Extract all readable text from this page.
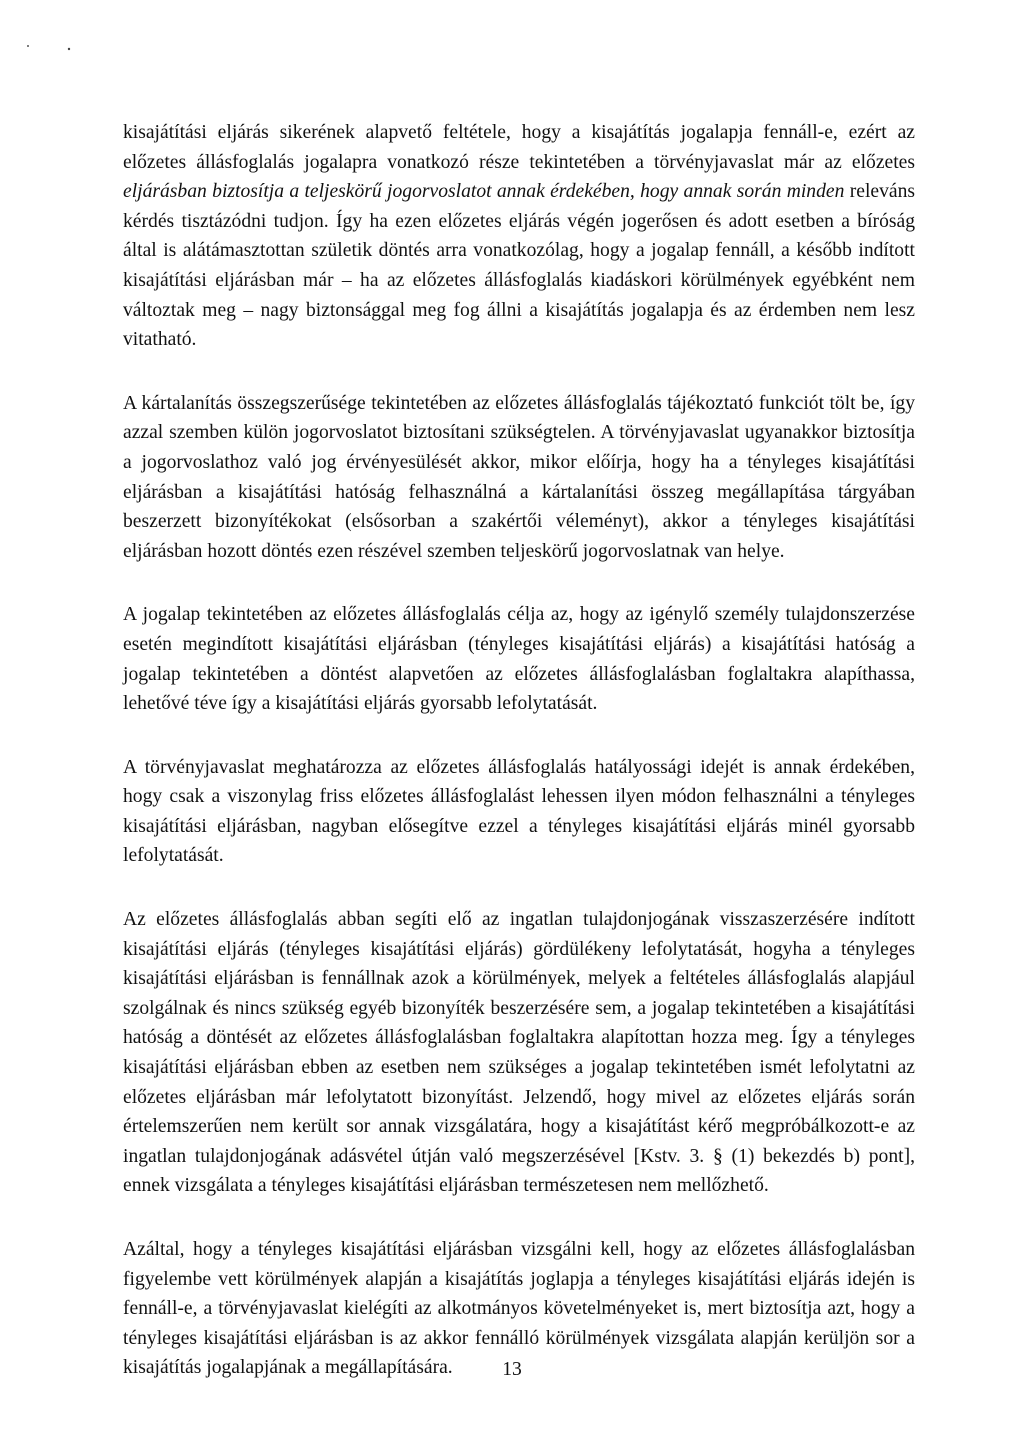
kisajátítási eljárás sikerének alapvető feltétele, hogy a kisajátítás jogalapja fennáll-e, ezért az előzetes állásfoglalás jogalapra vonatkozó része tekintetében a törvényjavaslat már az előzetes eljárásban biztosítja a teljeskörű jogorvoslatot annak érdekében, hogy annak során minden releváns kérdés tisztázódni tudjon. Így ha ezen előzetes eljárás végén jogerősen és adott esetben a bíróság által is alátámasztottan születik döntés arra vonatkozólag, hogy a jogalap fennáll, a később indított kisajátítási eljárásban már – ha az előzetes állásfoglalás kiadáskori körülmények egyébként nem változtak meg – nagy biztonsággal meg fog állni a kisajátítás jogalapja és az érdemben nem lesz vitatható.

A kártalanítás összegszerűsége tekintetében az előzetes állásfoglalás tájékoztató funkciót tölt be, így azzal szemben külön jogorvoslatot biztosítani szükségtelen. A törvényjavaslat ugyanakkor biztosítja a jogorvoslathoz való jog érvényesülését akkor, mikor előírja, hogy ha a tényleges kisajátítási eljárásban a kisajátítási hatóság felhasználná a kártalanítási összeg megállapítása tárgyában beszerzett bizonyítékokat (elsősorban a szakértői véleményt), akkor a tényleges kisajátítási eljárásban hozott döntés ezen részével szemben teljeskörű jogorvoslatnak van helye.

A jogalap tekintetében az előzetes állásfoglalás célja az, hogy az igénylő személy tulajdonszerzése esetén megindított kisajátítási eljárásban (tényleges kisajátítási eljárás) a kisajátítási hatóság a jogalap tekintetében a döntést alapvetően az előzetes állásfoglalásban foglaltakra alapíthassa, lehetővé téve így a kisajátítási eljárás gyorsabb lefolytatását.

A törvényjavaslat meghatározza az előzetes állásfoglalás hatályossági idejét is annak érdekében, hogy csak a viszonylag friss előzetes állásfoglalást lehessen ilyen módon felhasználni a tényleges kisajátítási eljárásban, nagyban elősegítve ezzel a tényleges kisajátítási eljárás minél gyorsabb lefolytatását.

Az előzetes állásfoglalás abban segíti elő az ingatlan tulajdonjogának visszaszerzésére indított kisajátítási eljárás (tényleges kisajátítási eljárás) gördülékeny lefolytatását, hogyha a tényleges kisajátítási eljárásban is fennállnak azok a körülmények, melyek a feltételes állásfoglalás alapjául szolgálnak és nincs szükség egyéb bizonyíték beszerzésére sem, a jogalap tekintetében a kisajátítási hatóság a döntését az előzetes állásfoglalásban foglaltakra alapítottan hozza meg. Így a tényleges kisajátítási eljárásban ebben az esetben nem szükséges a jogalap tekintetében ismét lefolytatni az előzetes eljárásban már lefolytatott bizonyítást. Jelzendő, hogy mivel az előzetes eljárás során értelemszerűen nem került sor annak vizsgálatára, hogy a kisajátítást kérő megpróbálkozott-e az ingatlan tulajdonjogának adásvétel útján való megszerzésével [Kstv. 3. § (1) bekezdés b) pont], ennek vizsgálata a tényleges kisajátítási eljárásban természetesen nem mellőzhető.

Azáltal, hogy a tényleges kisajátítási eljárásban vizsgálni kell, hogy az előzetes állásfoglalásban figyelembe vett körülmények alapján a kisajátítás joglapja a tényleges kisajátítási eljárás idején is fennáll-e, a törvényjavaslat kielégíti az alkotmányos követelményeket is, mert biztosítja azt, hogy a tényleges kisajátítási eljárásban is az akkor fennálló körülmények vizsgálata alapján kerüljön sor a kisajátítás jogalapjának a megállapítására.	13
